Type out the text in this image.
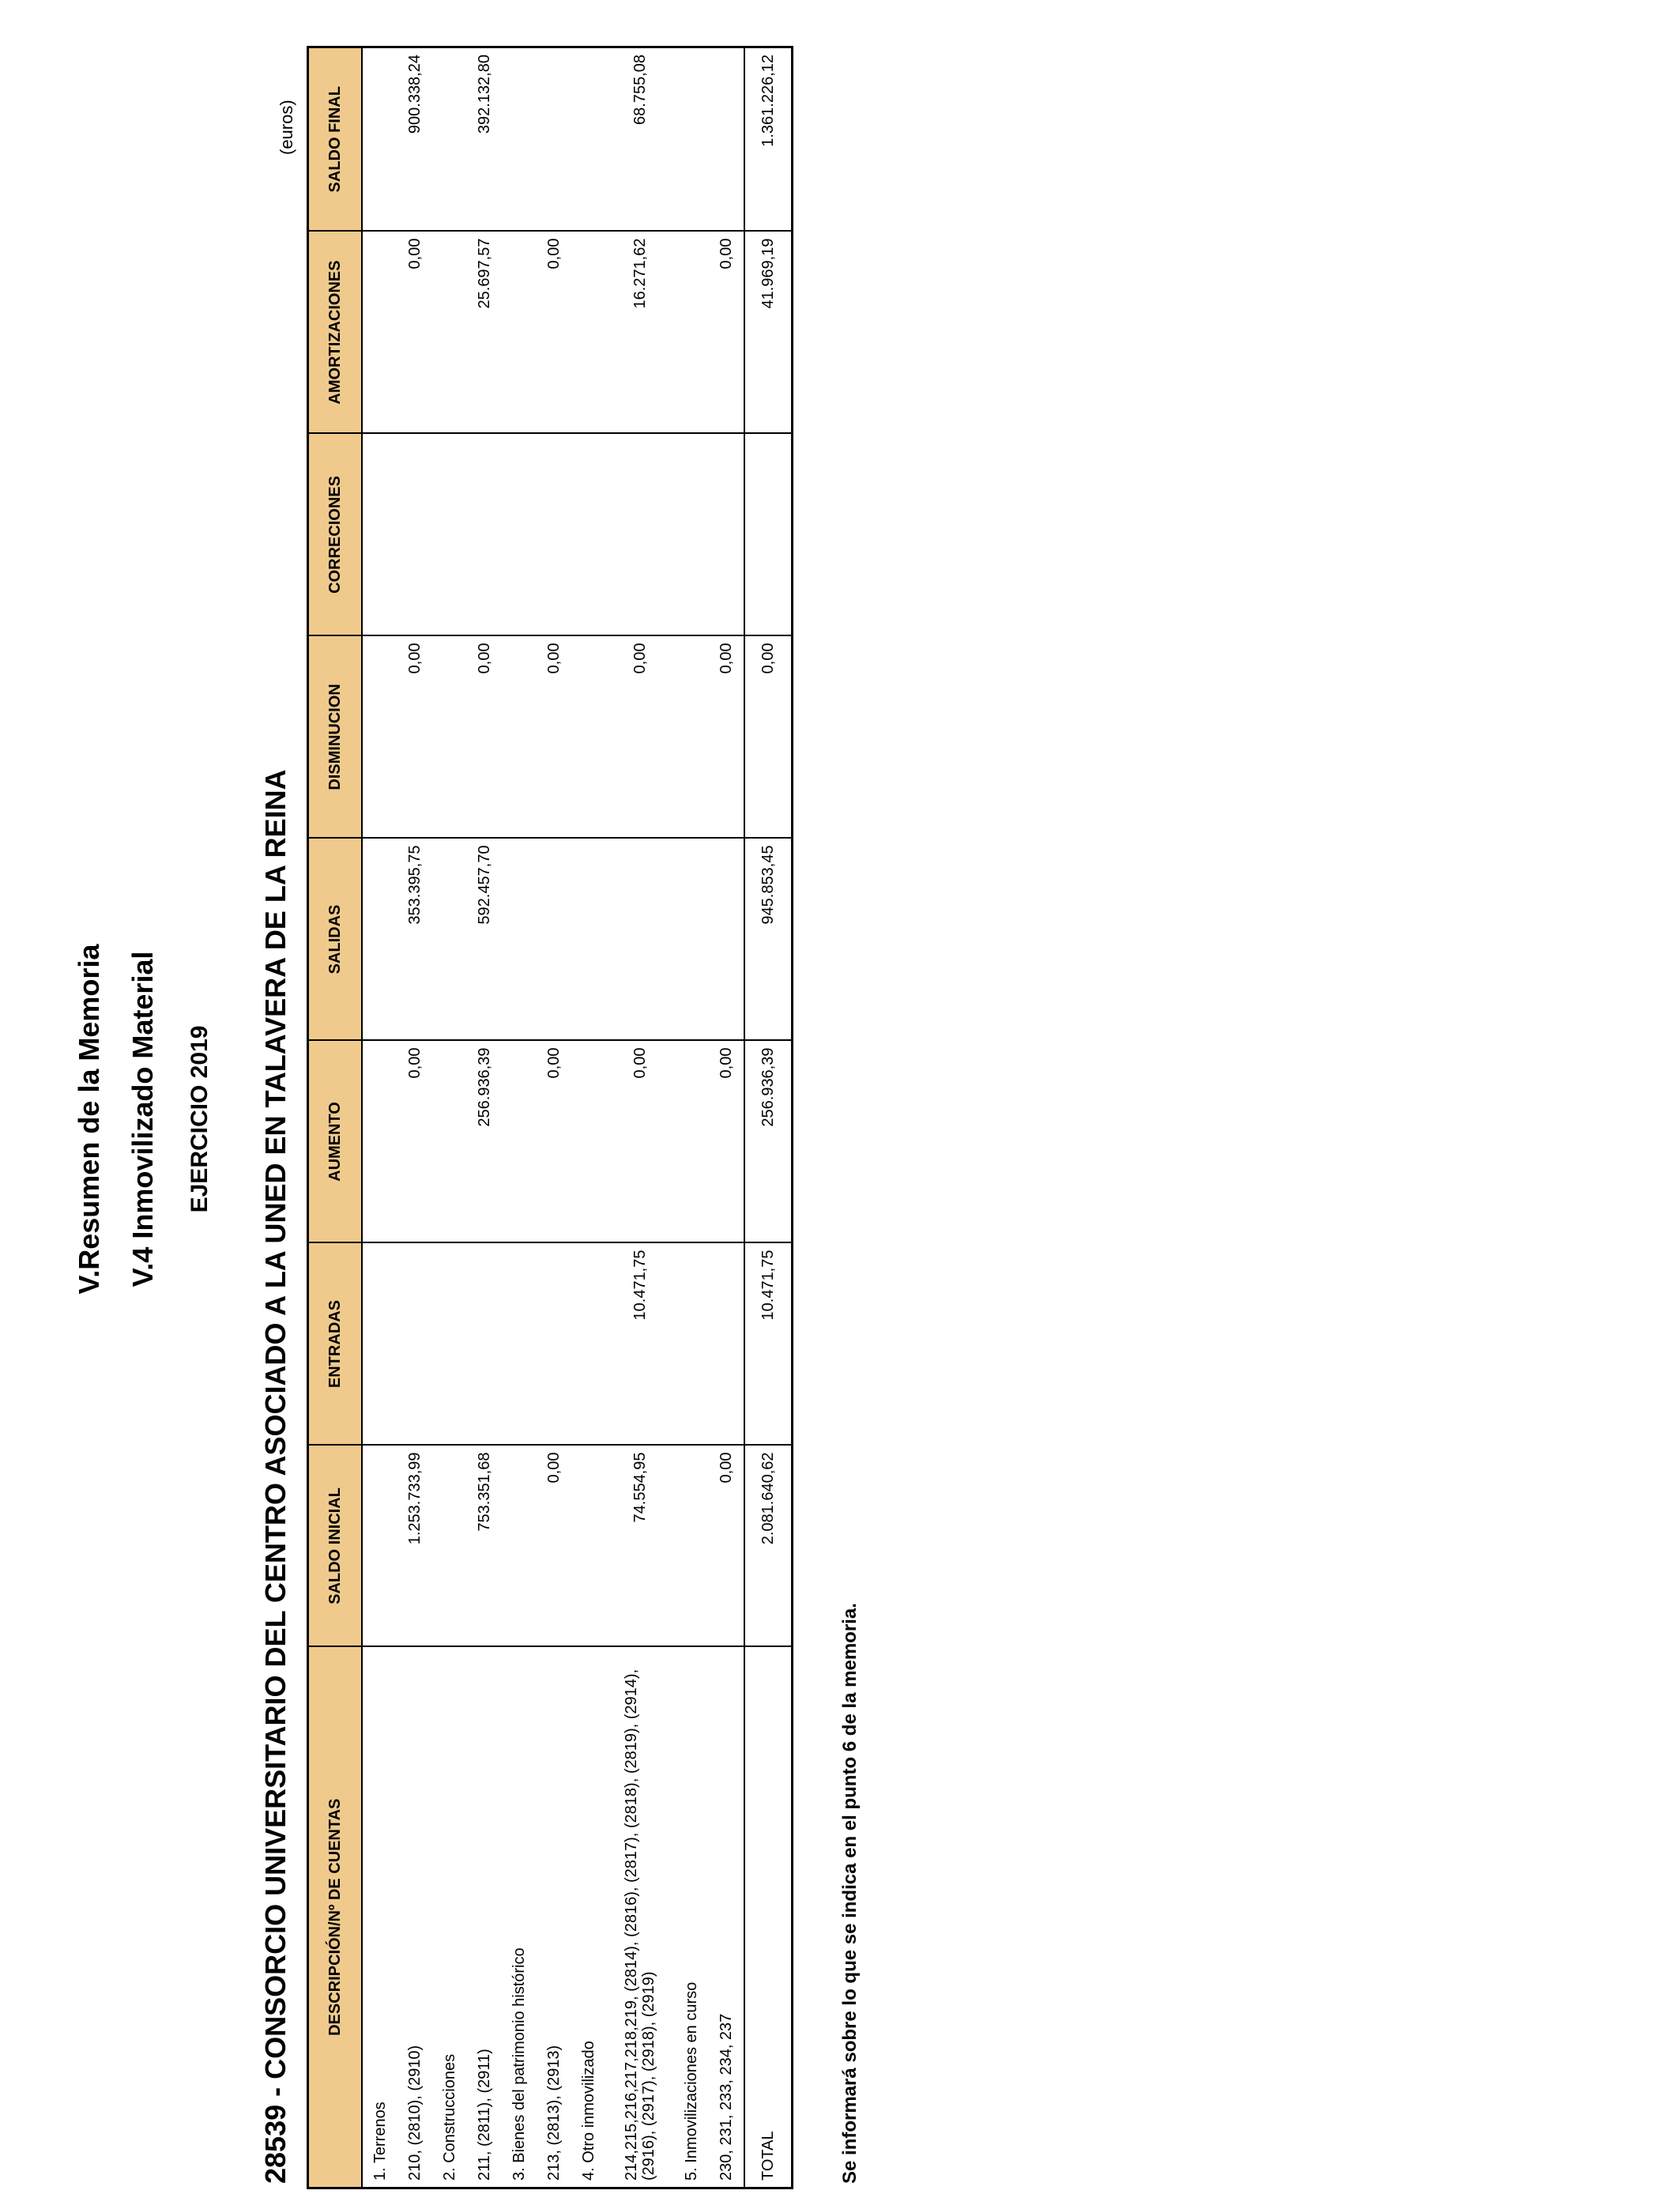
V.Resumen de la Memoria V.4 Inmovilizado Material EJERCICIO 2019 28539 - CONSORCIO UNIVERSITARIO DEL CENTRO ASOCIADO A LA UNED EN TALAVERA DE LA REINA
(euros)
DESCRIPCIÓN/Nº DE CUENTAS	SALDO INICIAL	ENTRADAS	AUMENTO	SALIDAS	DISMINUCION	CORRECIONES	AMORTIZACIONES	SALDO FINAL
1. Terrenos								
210, (2810), (2910)	1.253.733,99		0,00	353.395,75	0,00		0,00	900.338,24
2. Construcciones								
211, (2811), (2911)	753.351,68		256.936,39	592.457,70	0,00		25.697,57	392.132,80
3. Bienes del patrimonio histórico								
213, (2813), (2913)	0,00		0,00		0,00		0,00	
4. Otro inmovilizado								
214,215,216,217,218,219, (2814), (2816), (2817), (2818), (2819), (2914), (2916), (2917), (2918), (2919)	74.554,95	10.471,75	0,00		0,00		16.271,62	68.755,08
5. Inmovilizaciones en curso								
230, 231, 233, 234, 237	0,00		0,00		0,00		0,00	
TOTAL	2.081.640,62	10.471,75	256.936,39	945.853,45	0,00		41.969,19	1.361.226,12
Se informará sobre lo que se indica en el punto 6 de la memoria.
